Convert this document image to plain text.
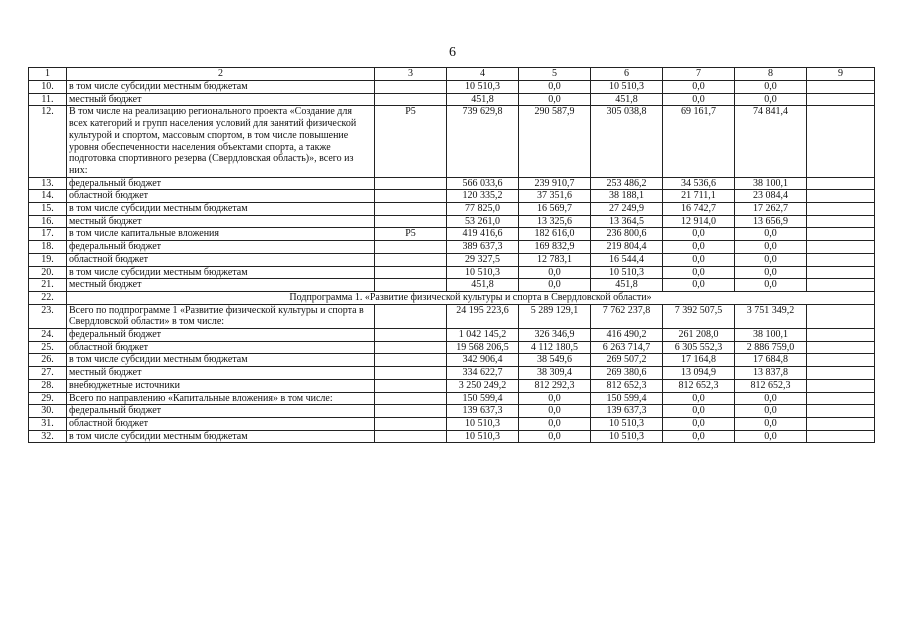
6
1	2	3	4	5	6	7	8	9
10.	в том числе субсидии местным бюджетам		10 510,3	0,0	10 510,3	0,0	0,0	
11.	местный бюджет		451,8	0,0	451,8	0,0	0,0	
12.	В том числе на реализацию регионального проекта «Создание для всех категорий и групп населения условий для занятий физической культурой и спортом, массовым спортом, в том числе повышение уровня обеспеченности населения объектами спорта, а также подготовка спортивного резерва (Свердловская область)», всего из них:	Р5	739 629,8	290 587,9	305 038,8	69 161,7	74 841,4	
13.	федеральный бюджет		566 033,6	239 910,7	253 486,2	34 536,6	38 100,1	
14.	областной бюджет		120 335,2	37 351,6	38 188,1	21 711,1	23 084,4	
15.	в том числе субсидии местным бюджетам		77 825,0	16 569,7	27 249,9	16 742,7	17 262,7	
16.	местный бюджет		53 261,0	13 325,6	13 364,5	12 914,0	13 656,9	
17.	в том числе капитальные вложения	Р5	419 416,6	182 616,0	236 800,6	0,0	0,0	
18.	федеральный бюджет		389 637,3	169 832,9	219 804,4	0,0	0,0	
19.	областной бюджет		29 327,5	12 783,1	16 544,4	0,0	0,0	
20.	в том числе субсидии местным бюджетам		10 510,3	0,0	10 510,3	0,0	0,0	
21.	местный бюджет		451,8	0,0	451,8	0,0	0,0	
22.	Подпрограмма 1. «Развитие физической культуры и спорта в Свердловской области»							
23.	Всего по подпрограмме 1 «Развитие физической культуры и спорта в Свердловской области» в том числе:		24 195 223,6	5 289 129,1	7 762 237,8	7 392 507,5	3 751 349,2	
24.	федеральный бюджет		1 042 145,2	326 346,9	416 490,2	261 208,0	38 100,1	
25.	областной бюджет		19 568 206,5	4 112 180,5	6 263 714,7	6 305 552,3	2 886 759,0	
26.	в том числе субсидии местным бюджетам		342 906,4	38 549,6	269 507,2	17 164,8	17 684,8	
27.	местный бюджет		334 622,7	38 309,4	269 380,6	13 094,9	13 837,8	
28.	внебюджетные источники		3 250 249,2	812 292,3	812 652,3	812 652,3	812 652,3	
29.	Всего по направлению «Капитальные вложения» в том числе:		150 599,4	0,0	150 599,4	0,0	0,0	
30.	федеральный бюджет		139 637,3	0,0	139 637,3	0,0	0,0	
31.	областной бюджет		10 510,3	0,0	10 510,3	0,0	0,0	
32.	в том числе субсидии местным бюджетам		10 510,3	0,0	10 510,3	0,0	0,0	
